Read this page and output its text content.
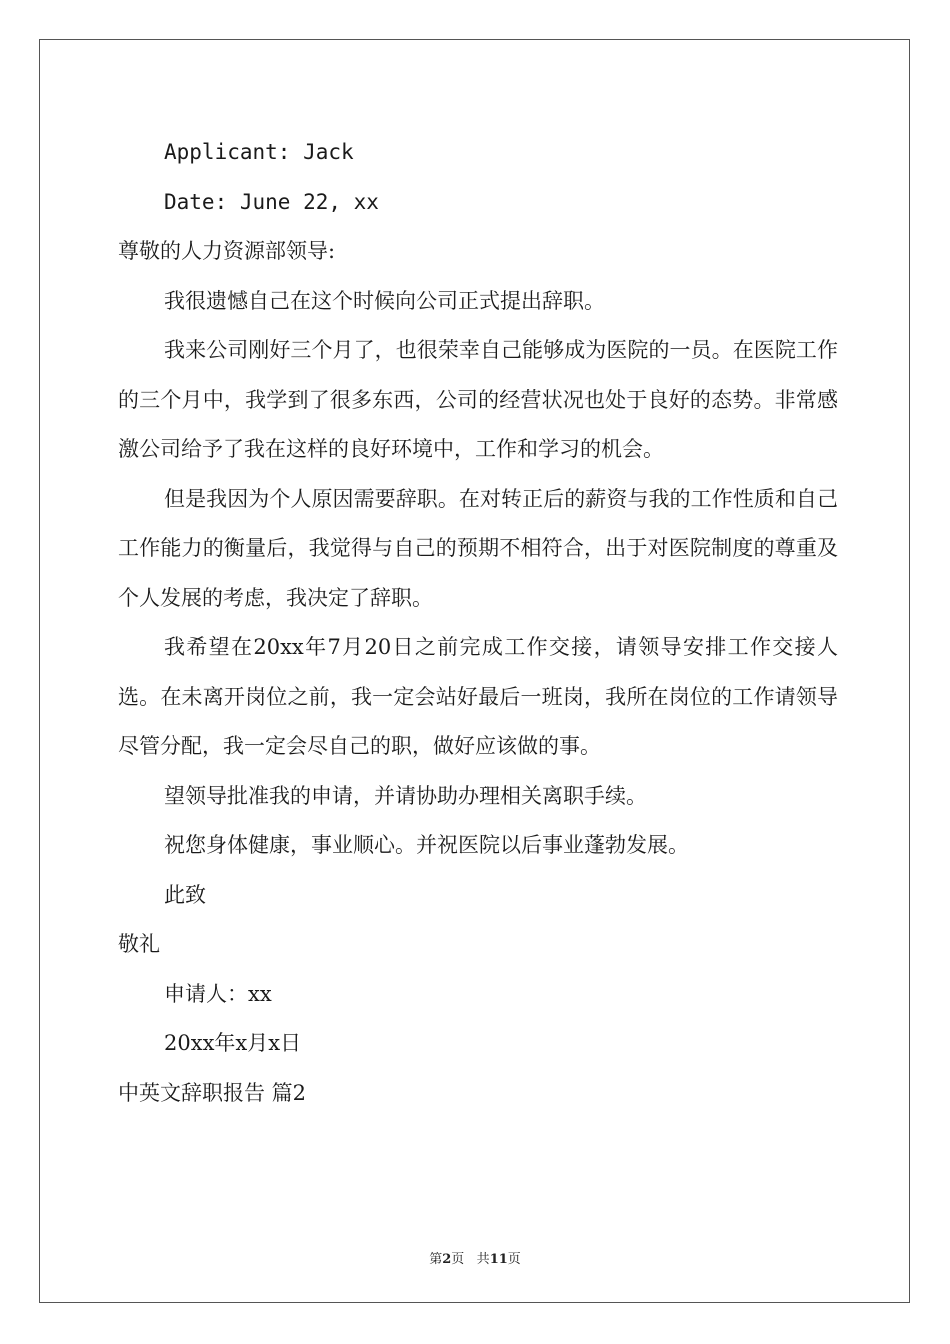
Applicant: Jack

Date: June 22, xx

尊敬的人力资源部领导:

我很遗憾自己在这个时候向公司正式提出辞职。

我来公司刚好三个月了，也很荣幸自己能够成为医院的一员。在医院工作的三个月中，我学到了很多东西，公司的经营状况也处于良好的态势。非常感激公司给予了我在这样的良好环境中，工作和学习的机会。

但是我因为个人原因需要辞职。在对转正后的薪资与我的工作性质和自己工作能力的衡量后，我觉得与自己的预期不相符合，出于对医院制度的尊重及个人发展的考虑，我决定了辞职。

我希望在20xx年7月20日之前完成工作交接，请领导安排工作交接人选。在未离开岗位之前，我一定会站好最后一班岗，我所在岗位的工作请领导尽管分配，我一定会尽自己的职，做好应该做的事。

望领导批准我的申请，并请协助办理相关离职手续。

祝您身体健康，事业顺心。并祝医院以后事业蓬勃发展。

此致

敬礼

申请人：xx

20xx年x月x日

中英文辞职报告 篇2

第2页 共11页
